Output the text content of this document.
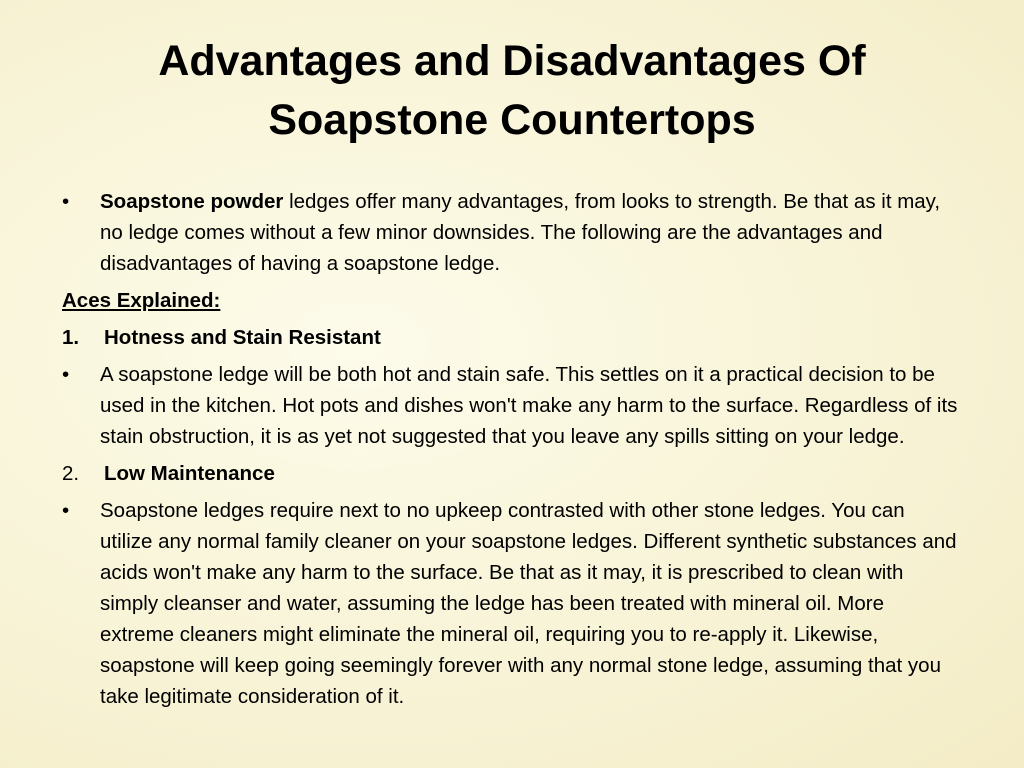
Advantages and Disadvantages Of
Soapstone Countertops
•	Soapstone powder ledges offer many advantages, from looks to strength. Be that as it may, no ledge comes without a few minor downsides. The following are the advantages and disadvantages of having a soapstone ledge.
Aces Explained:
1. Hotness and Stain Resistant
•	A soapstone ledge will be both hot and stain safe. This settles on it a practical decision to be used in the kitchen. Hot pots and dishes won't make any harm to the surface. Regardless of its stain obstruction, it is as yet not suggested that you leave any spills sitting on your ledge.
2. Low Maintenance
•	Soapstone ledges require next to no upkeep contrasted with other stone ledges. You can utilize any normal family cleaner on your soapstone ledges. Different synthetic substances and acids won't make any harm to the surface. Be that as it may, it is prescribed to clean with simply cleanser and water, assuming the ledge has been treated with mineral oil. More extreme cleaners might eliminate the mineral oil, requiring you to re-apply it. Likewise, soapstone will keep going seemingly forever with any normal stone ledge, assuming that you take legitimate consideration of it.
